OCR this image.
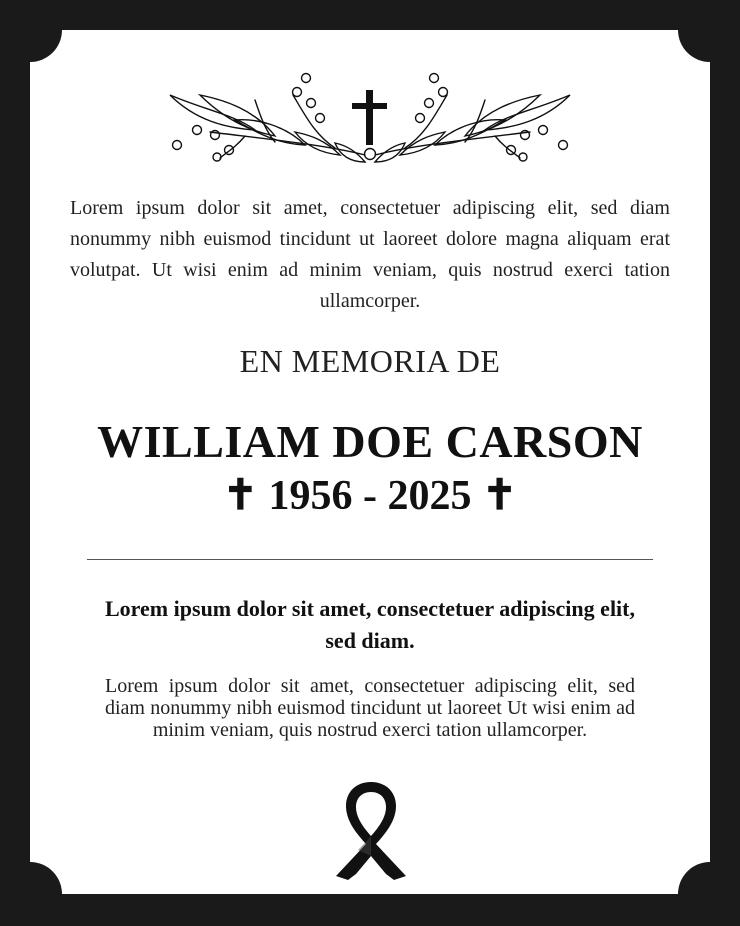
Lorem ipsum dolor sit amet, consectetuer adipiscing elit, sed diam nonummy nibh euismod tincidunt ut laoreet dolore magna aliquam erat volutpat. Ut wisi enim ad minim veniam, quis nostrud exerci tation ullamcorper.
EN MEMORIA DE
WILLIAM DOE CARSON
✝ 1956 - 2025 ✝
Lorem ipsum dolor sit amet, consectetuer adipiscing elit, sed diam.
Lorem ipsum dolor sit amet, consectetuer adipiscing elit, sed diam nonummy nibh euismod tincidunt ut laoreet Ut wisi enim ad minim veniam, quis nostrud exerci tation ullamcorper.
